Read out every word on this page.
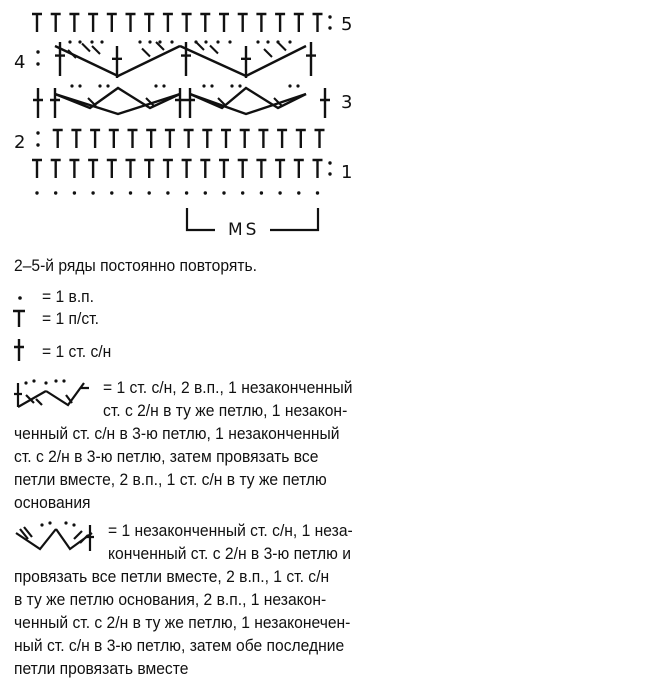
5
4
3
2
1
MS
2–5-й ряды постоянно повторять.
= 1 в.п.
= 1 п/ст.
= 1 ст. с/н
= 1 ст. с/н, 2 в.п., 1 незаконченный
ст. с 2/н в ту же петлю, 1 незакон-
ченный ст. с/н в 3-ю петлю, 1 незаконченный
ст. с 2/н в 3-ю петлю, затем провязать все
петли вместе, 2 в.п., 1 ст. с/н в ту же петлю
основания
= 1 незаконченный ст. с/н, 1 неза-
конченный ст. с 2/н в 3-ю петлю и
провязать все петли вместе, 2 в.п., 1 ст. с/н
в ту же петлю основания, 2 в.п., 1 незакон-
ченный ст. с 2/н в ту же петлю, 1 незаконечен-
ный ст. с/н в 3-ю петлю, затем обе последние
петли провязать вместе
